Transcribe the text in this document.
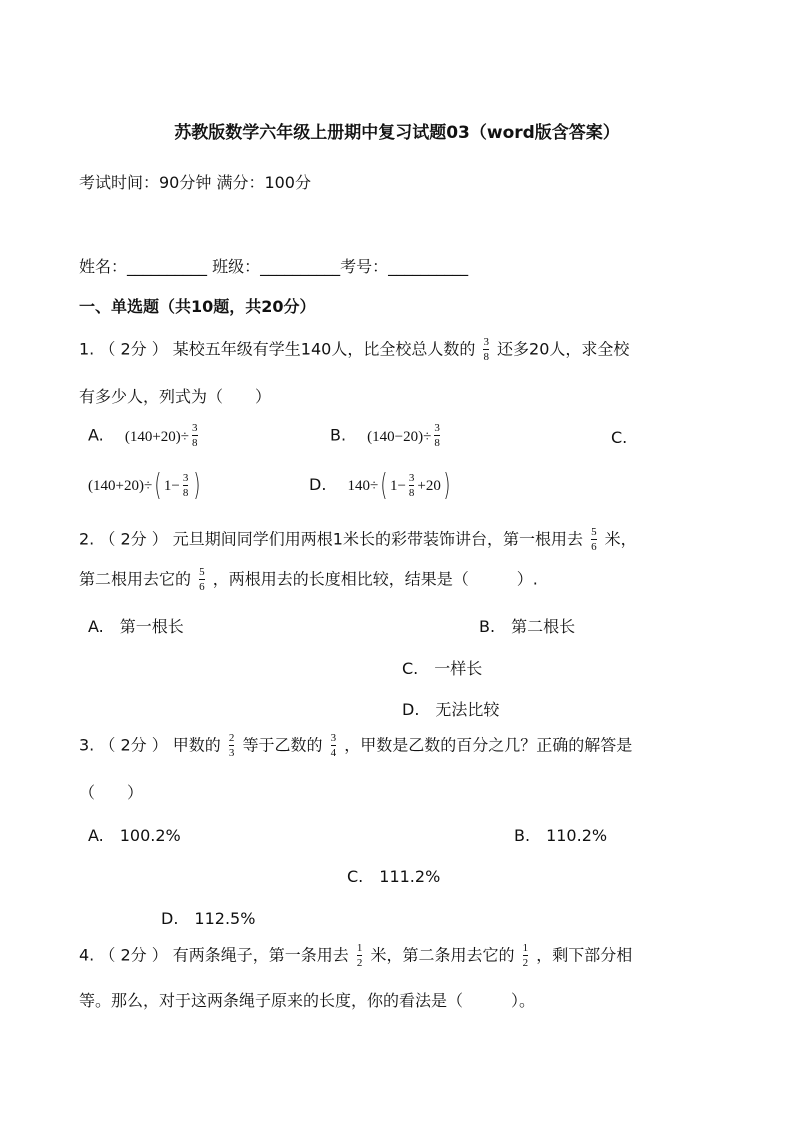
苏教版数学六年级上册期中复习试题03（word版含答案）
考试时间：90分钟 满分：100分
姓名：__________ 班级：__________考号：__________
一、单选题（共10题，共20分）
1. （ 2分 ） 某校五年级有学生140人，比全校总人数的 $\frac{3}{8}$ 还多20人，求全校
有多少人，列式为（　　）
A. $(140+20)\div \frac{3}{8}$	B. $(140-20)\div \frac{3}{8}$	C.
(140+20)÷( $1- \frac{3}{8}$ )	D. 140÷( $1- \frac{3}{8} +20$)
2. （ 2分 ） 元旦期间同学们用两根1米长的彩带装饰讲台，第一根用去 $\frac{5}{6}$ 米，
第二根用去它的 $\frac{5}{6}$ ，两根用去的长度相比较，结果是（　　　）.
A.　第一根长	B.　第二根长
C.　一样长
D.　无法比较
3. （ 2分 ） 甲数的 $\frac{2}{3}$ 等于乙数的 $\frac{3}{4}$ ，甲数是乙数的百分之几？正确的解答是
（　　）
A.　100.2%	B.　110.2%
C.　111.2%
D.　112.5%
4. （ 2分 ） 有两条绳子，第一条用去 $\frac{1}{2}$ 米，第二条用去它的 $\frac{1}{2}$ ，剩下部分相
等。那么，对于这两条绳子原来的长度，你的看法是（　　　）。
